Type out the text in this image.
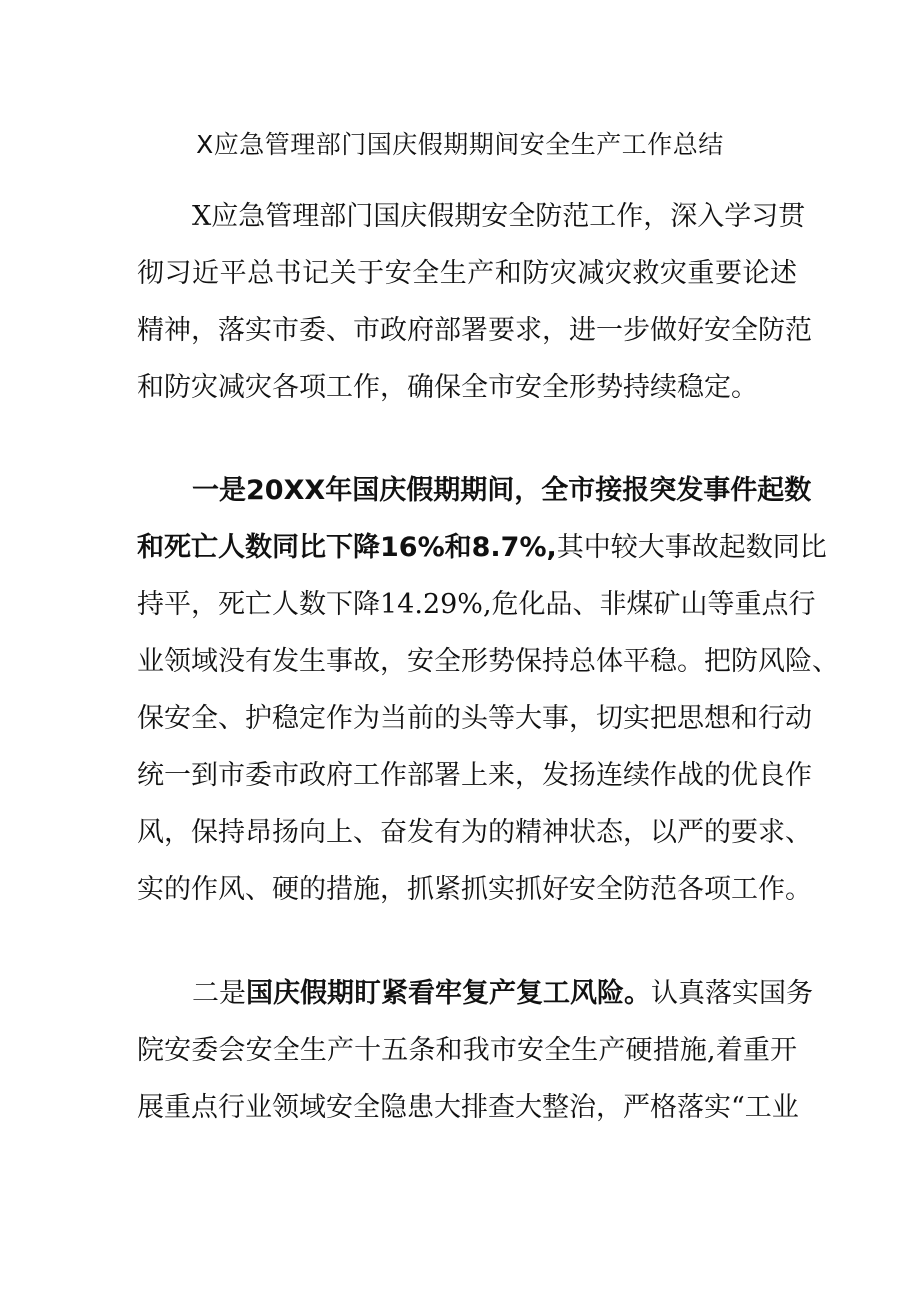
X应急管理部门国庆假期期间安全生产工作总结
X应急管理部门国庆假期安全防范工作，深入学习贯
彻习近平总书记关于安全生产和防灾减灾救灾重要论述
精神，落实市委、市政府部署要求，进一步做好安全防范
和防灾减灾各项工作，确保全市安全形势持续稳定。
一是20XX年国庆假期期间，全市接报突发事件起数
和死亡人数同比下降16%和8.7%,其中较大事故起数同比
持平，死亡人数下降14.29%,危化品、非煤矿山等重点行
业领域没有发生事故，安全形势保持总体平稳。把防风险、
保安全、护稳定作为当前的头等大事，切实把思想和行动
统一到市委市政府工作部署上来，发扬连续作战的优良作
风，保持昂扬向上、奋发有为的精神状态，以严的要求、
实的作风、硬的措施，抓紧抓实抓好安全防范各项工作。
二是国庆假期盯紧看牢复产复工风险。认真落实国务
院安委会安全生产十五条和我市安全生产硬措施,着重开
展重点行业领域安全隐患大排查大整治，严格落实“工业
